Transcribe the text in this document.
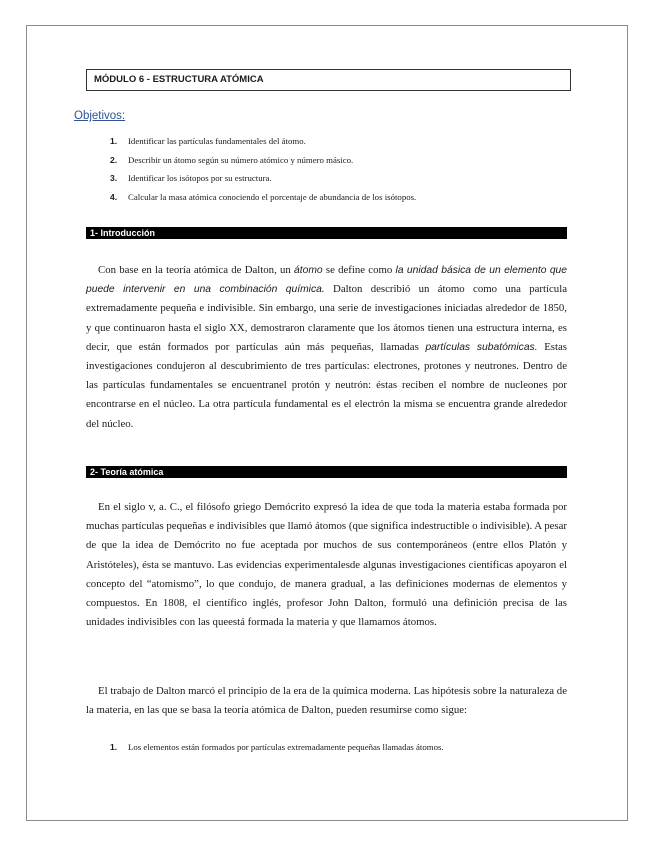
MÓDULO 6 - ESTRUCTURA ATÓMICA
Objetivos:
1. Identificar las partículas fundamentales del átomo.
2. Describir un átomo según su número atómico y número másico.
3. Identificar los isótopos por su estructura.
4. Calcular la masa atómica conociendo el porcentaje de abundancia de los isótopos.
1- Introducción

Con base en la teoría atómica de Dalton, un átomo se define como la unidad básica de un elemento que puede intervenir en una combinación química. Dalton describió un átomo como una partícula extremadamente pequeña e indivisible. Sin embargo, una serie de investigaciones iniciadas alrededor de 1850, y que continuaron hasta el siglo XX, demostraron claramente que los átomos tienen una estructura interna, es decir, que están formados por partículas aún más pequeñas, llamadas partículas subatómicas. Estas investigaciones condujeron al descubrimiento de tres partículas: electrones, protones y neutrones. Dentro de las partículas fundamentales se encuentranel protón y neutrón: éstas reciben el nombre de nucleones por encontrarse en el núcleo. La otra partícula fundamental es el electrón la misma se encuentra grande alrededor del núcleo.

2- Teoría atómica

En el siglo v, a. C., el filósofo griego Demócrito expresó la idea de que toda la materia estaba formada por muchas partículas pequeñas e indivisibles que llamó átomos (que significa indestructible o indivisible). A pesar de que la idea de Demócrito no fue aceptada por muchos de sus contemporáneos (entre ellos Platón y Aristóteles), ésta se mantuvo. Las evidencias experimentalesde algunas investigaciones científicas apoyaron el concepto del “atomismo”, lo que condujo, de manera gradual, a las definiciones modernas de elementos y compuestos. En 1808, el científico inglés, profesor John Dalton, formuló una definición precisa de las unidades indivisibles con las queestá formada la materia y que llamamos átomos.

El trabajo de Dalton marcó el principio de la era de la química moderna. Las hipótesis sobre la naturaleza de la materia, en las que se basa la teoría atómica de Dalton, pueden resumirse como sigue:

1. Los elementos están formados por partículas extremadamente pequeñas llamadas átomos.
